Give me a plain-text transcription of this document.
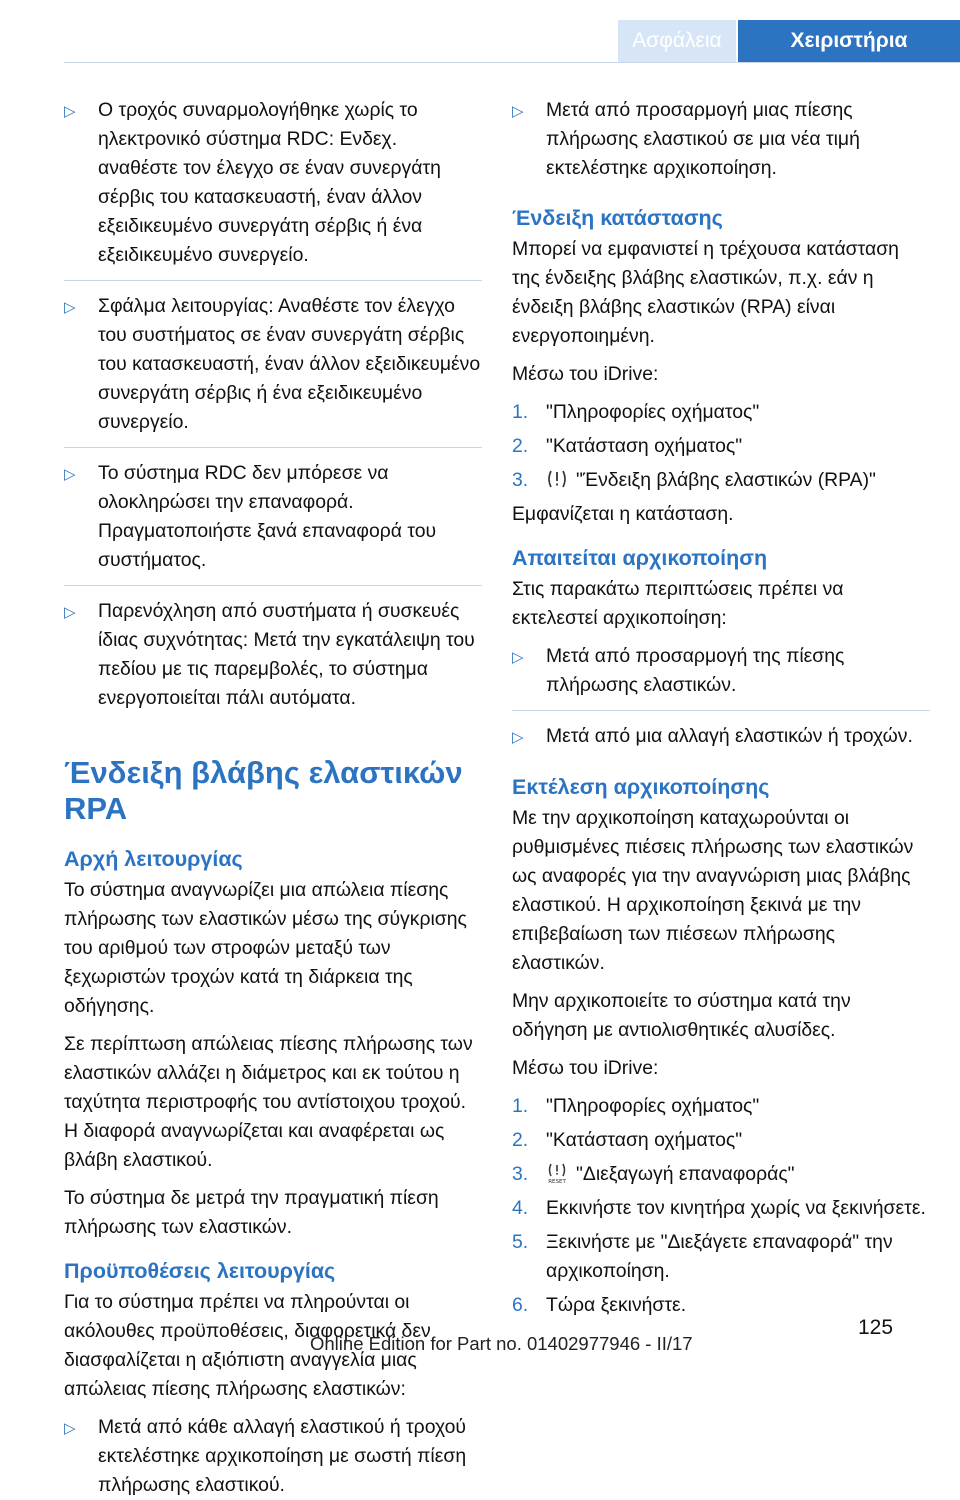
Ασφάλεια	Χειριστήρια
▷	Ο τροχός συναρμολογήθηκε χωρίς το ηλεκτρονικό σύστημα RDC: Ενδεχ. αναθέστε τον έλεγχο σε έναν συνεργάτη σέρβις του κατασκευαστή, έναν άλλον εξειδικευμένο συνεργάτη σέρβις ή ένα εξειδικευμένο συνεργείο.
▷	Σφάλμα λειτουργίας: Αναθέστε τον έλεγχο του συστήματος σε έναν συνεργάτη σέρβις του κατασκευαστή, έναν άλλον εξειδικευμένο συνεργάτη σέρβις ή ένα εξειδικευμένο συνεργείο.
▷	Το σύστημα RDC δεν μπόρεσε να ολοκληρώσει την επαναφορά. Πραγματοποιήστε ξανά επαναφορά του συστήματος.
▷	Παρενόχληση από συστήματα ή συσκευές ίδιας συχνότητας: Μετά την εγκατάλειψη του πεδίου με τις παρεμβολές, το σύστημα ενεργοποιείται πάλι αυτόματα.
Ένδειξη βλάβης ελαστικών RPA
Αρχή λειτουργίας
Το σύστημα αναγνωρίζει μια απώλεια πίεσης πλήρωσης των ελαστικών μέσω της σύγκρισης του αριθμού των στροφών μεταξύ των ξεχωριστών τροχών κατά τη διάρκεια της οδήγησης.
Σε περίπτωση απώλειας πίεσης πλήρωσης των ελαστικών αλλάζει η διάμετρος και εκ τούτου η ταχύτητα περιστροφής του αντίστοιχου τροχού. Η διαφορά αναγνωρίζεται και αναφέρεται ως βλάβη ελαστικού.
Το σύστημα δε μετρά την πραγματική πίεση πλήρωσης των ελαστικών.
Προϋποθέσεις λειτουργίας
Για το σύστημα πρέπει να πληρούνται οι ακόλουθες προϋποθέσεις, διαφορετικά δεν διασφαλίζεται η αξιόπιστη αναγγελία μιας απώλειας πίεσης πλήρωσης ελαστικών:
▷	Μετά από κάθε αλλαγή ελαστικού ή τροχού εκτελέστηκε αρχικοποίηση με σωστή πίεση πλήρωσης ελαστικού.
▷	Μετά από προσαρμογή μιας πίεσης πλήρωσης ελαστικού σε μια νέα τιμή εκτελέστηκε αρχικοποίηση.
Ένδειξη κατάστασης
Μπορεί να εμφανιστεί η τρέχουσα κατάσταση της ένδειξης βλάβης ελαστικών, π.χ. εάν η ένδειξη βλάβης ελαστικών (RPA) είναι ενεργοποιημένη.
Μέσω του iDrive:
1. "Πληροφορίες οχήματος"
2. "Κατάσταση οχήματος"
3.	"Ένδειξη βλάβης ελαστικών (RPA)"
Εμφανίζεται η κατάσταση.
Απαιτείται αρχικοποίηση
Στις παρακάτω περιπτώσεις πρέπει να εκτελεστεί αρχικοποίηση:
▷	Μετά από προσαρμογή της πίεσης πλήρωσης ελαστικών.
▷	Μετά από μια αλλαγή ελαστικών ή τροχών.
Εκτέλεση αρχικοποίησης
Με την αρχικοποίηση καταχωρούνται οι ρυθμισμένες πιέσεις πλήρωσης των ελαστικών ως αναφορές για την αναγνώριση μιας βλάβης ελαστικού. Η αρχικοποίηση ξεκινά με την επιβεβαίωση των πιέσεων πλήρωσης ελαστικών.
Μην αρχικοποιείτε το σύστημα κατά την οδήγηση με αντιολισθητικές αλυσίδες.
Μέσω του iDrive:
1. "Πληροφορίες οχήματος"
2. "Κατάσταση οχήματος"
3.	RESET "Διεξαγωγή επαναφοράς"
4. Εκκινήστε τον κινητήρα χωρίς να ξεκινήσετε.
5. Ξεκινήστε με "Διεξάγετε επαναφορά" την αρχικοποίηση.
6. Τώρα ξεκινήστε.
125
Online Edition for Part no. 01402977946 - II/17
